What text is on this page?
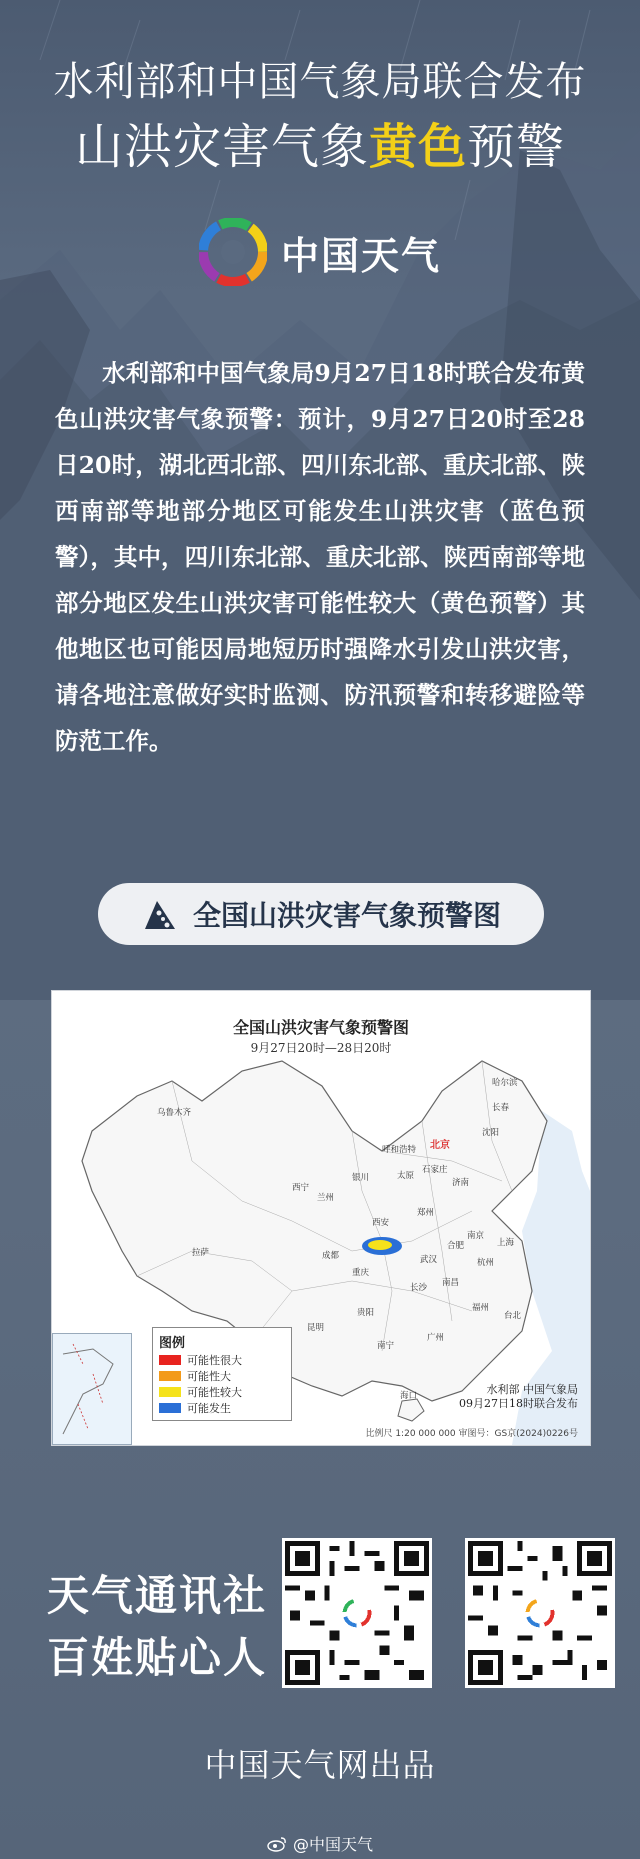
水利部和中国气象局联合发布
山洪灾害气象黄色预警
中国天气
水利部和中国气象局9月27日18时联合发布黄色山洪灾害气象预警：预计，9月27日20时至28日20时，湖北西北部、四川东北部、重庆北部、陕西南部等地部分地区可能发生山洪灾害（蓝色预警），其中，四川东北部、重庆北部、陕西南部等地部分地区发生山洪灾害可能性较大（黄色预警）其他地区也可能因局地短历时强降水引发山洪灾害，请各地注意做好实时监测、防汛预警和转移避险等防范工作。
全国山洪灾害气象预警图
全国山洪灾害气象预警图
9月27日20时—28日20时
乌鲁木齐
哈尔滨
长春
沈阳
北京
呼和浩特
太原
石家庄
济南
银川
兰州
西宁
西安
郑州
南京
合肥
武汉
成都
拉萨
重庆
长沙 南昌
杭州
上海
贵阳
昆明
福州
台北
广州
南宁
海口
图例
可能性很大
可能性大
可能性较大
可能发生
水利部 中国气象局
09月27日18时联合发布
比例尺 1:20 000 000 审图号：GS京(2024)0226号
天气通讯社
百姓贴心人
中国天气网出品
@中国天气
